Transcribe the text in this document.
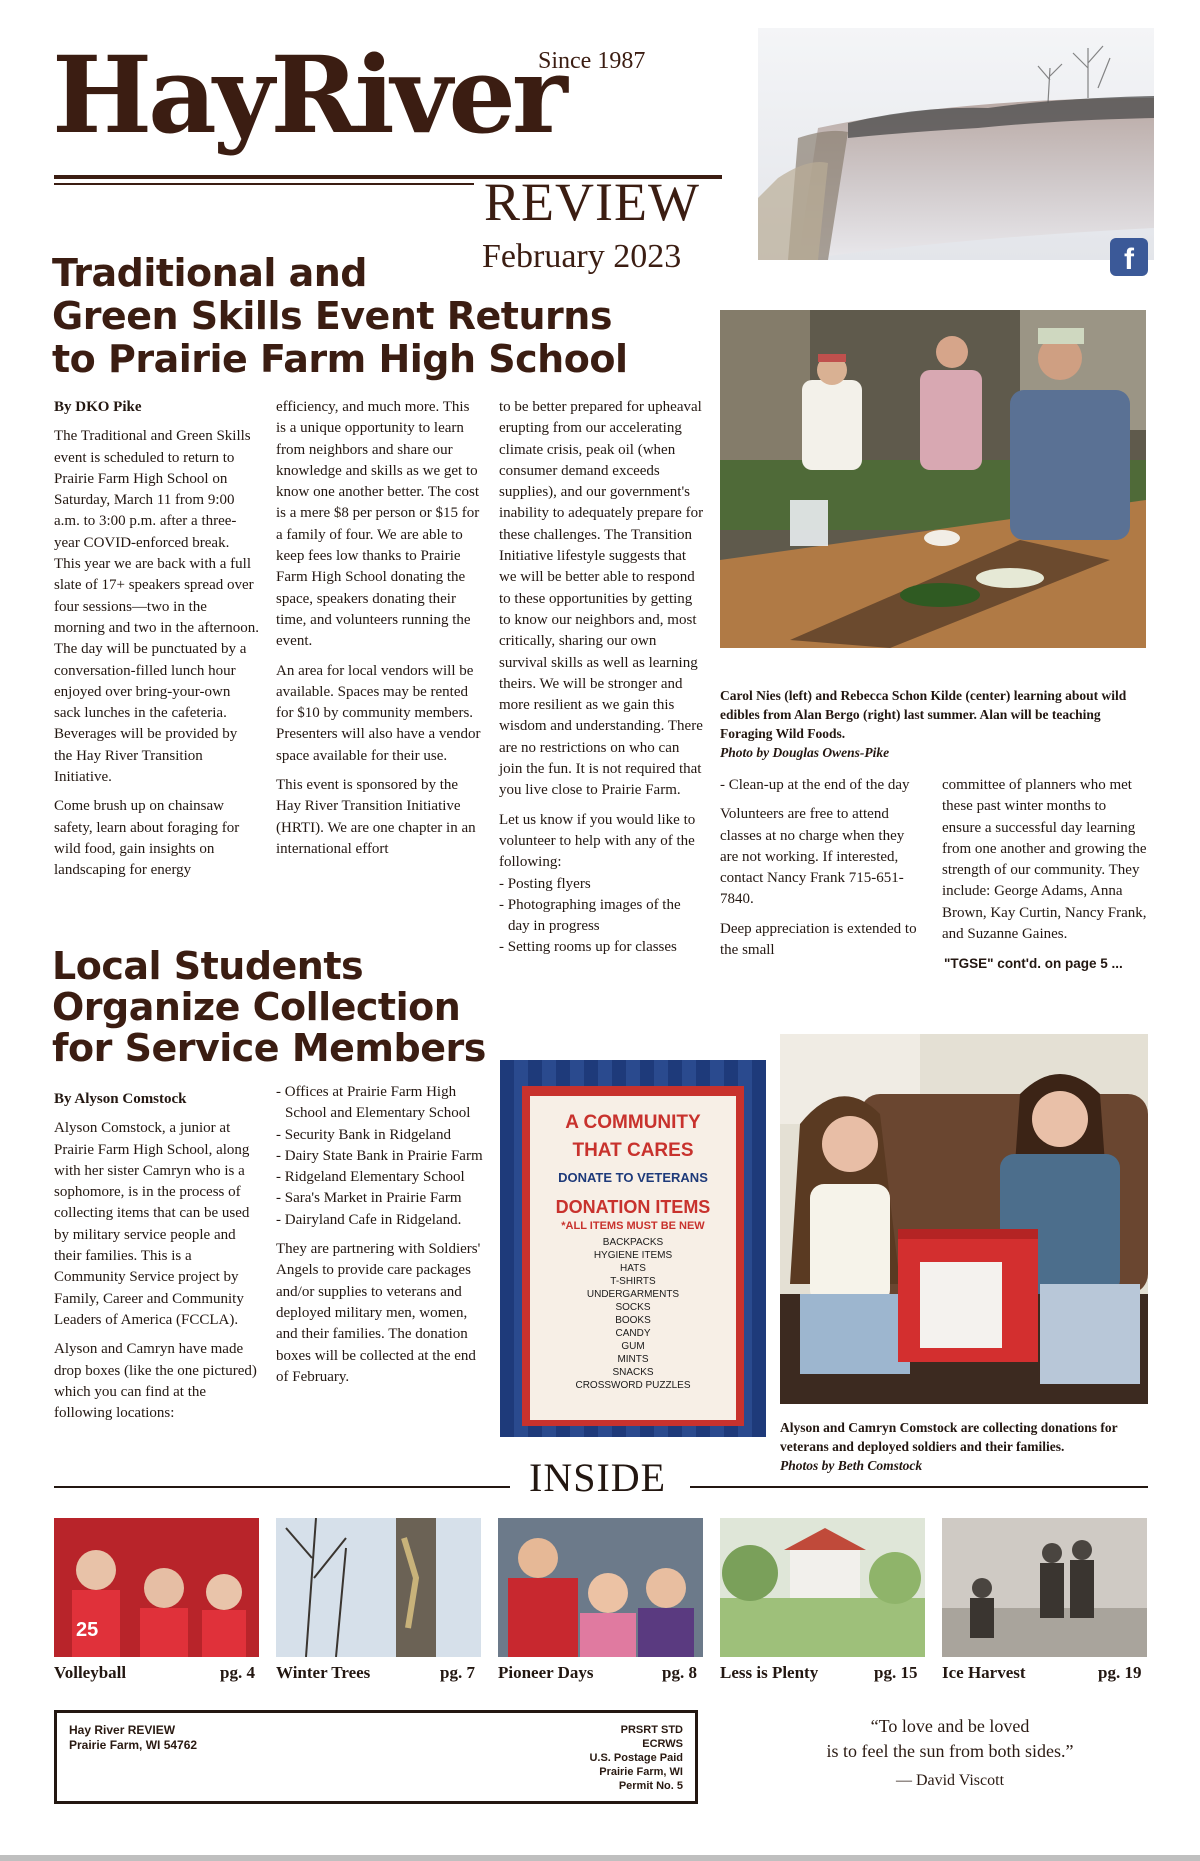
Since 1987
HayRiver
REVIEW
February 2023	f
Traditional and
Green Skills Event Returns
to Prairie Farm High School
By DKO Pike

The Traditional and Green Skills event is scheduled to return to Prairie Farm High School on Saturday, March 11 from 9:00 a.m. to 3:00 p.m. after a three-year COVID-enforced break. This year we are back with a full slate of 17+ speakers spread over four sessions—two in the morning and two in the afternoon. The day will be punctuated by a conversation-filled lunch hour enjoyed over bring-your-own sack lunches in the cafeteria. Beverages will be provided by the Hay River Transition Initiative.

Come brush up on chainsaw safety, learn about foraging for wild food, gain insights on landscaping for energy

efficiency, and much more. This is a unique opportunity to learn from neighbors and share our knowledge and skills as we get to know one another better. The cost is a mere $8 per person or $15 for a family of four. We are able to keep fees low thanks to Prairie Farm High School donating the space, speakers donating their time, and volunteers running the event.

An area for local vendors will be available. Spaces may be rented for $10 by community members. Presenters will also have a vendor space available for their use.

This event is sponsored by the Hay River Transition Initiative (HRTI). We are one chapter in an international effort

to be better prepared for upheaval erupting from our accelerating climate crisis, peak oil (when consumer demand exceeds supplies), and our government's inability to adequately prepare for these challenges. The Transition Initiative lifestyle suggests that we will be better able to respond to these opportunities by getting to know our neighbors and, most critically, sharing our own survival skills as well as learning theirs. We will be stronger and more resilient as we gain this wisdom and understanding. There are no restrictions on who can join the fun. It is not required that you live close to Prairie Farm.

Let us know if you would like to volunteer to help with any of the following:

- Posting flyers
- Photographing images of the day in progress
- Setting rooms up for classes
Carol Nies (left) and Rebecca Schon Kilde (center) learning about wild edibles from Alan Bergo (right) last summer. Alan will be teaching Foraging Wild Foods.
Photo by Douglas Owens-Pike
- Clean-up at the end of the day

Volunteers are free to attend classes at no charge when they are not working. If interested, contact Nancy Frank 715-651-7840.

Deep appreciation is extended to the small

committee of planners who met these past winter months to ensure a successful day learning from one another and growing the strength of our community. They include: George Adams, Anna Brown, Kay Curtin, Nancy Frank, and Suzanne Gaines.

"TGSE" cont'd. on page 5 ...
Local Students
Organize Collection
for Service Members
By Alyson Comstock

Alyson Comstock, a junior at Prairie Farm High School, along with her sister Camryn who is a sophomore, is in the process of collecting items that can be used by military service people and their families. This is a Community Service project by Family, Career and Community Leaders of America (FCCLA).

Alyson and Camryn have made drop boxes (like the one pictured) which you can find at the following locations:

- Offices at Prairie Farm High School and Elementary School
- Security Bank in Ridgeland
- Dairy State Bank in Prairie Farm
- Ridgeland Elementary School
- Sara's Market in Prairie Farm
- Dairyland Cafe in Ridgeland.

They are partnering with Soldiers' Angels to provide care packages and/or supplies to veterans and deployed military men, women, and their families. The donation boxes will be collected at the end of February.

A COMMUNITY
THAT CARES
DONATE TO VETERANS
DONATION ITEMS
*ALL ITEMS MUST BE NEW
BACKPACKS
HYGIENE ITEMS
HATS
T-SHIRTS
UNDERGARMENTS
SOCKS
BOOKS
CANDY
GUM
MINTS
SNACKS
CROSSWORD PUZZLES
Alyson and Camryn Comstock are collecting donations for veterans and deployed soldiers and their families.
Photos by Beth Comstock
INSIDE
25
Volleyball	pg. 4 Winter Trees	pg. 7 Pioneer Days	pg. 8 Less is Plenty	pg. 15 Ice Harvest	pg. 19
Hay River REVIEW
Prairie Farm, WI 54762
PRSRT STD
ECRWS
U.S. Postage Paid
Prairie Farm, WI
Permit No. 5
“To love and be loved
is to feel the sun from both sides.”
— David Viscott
